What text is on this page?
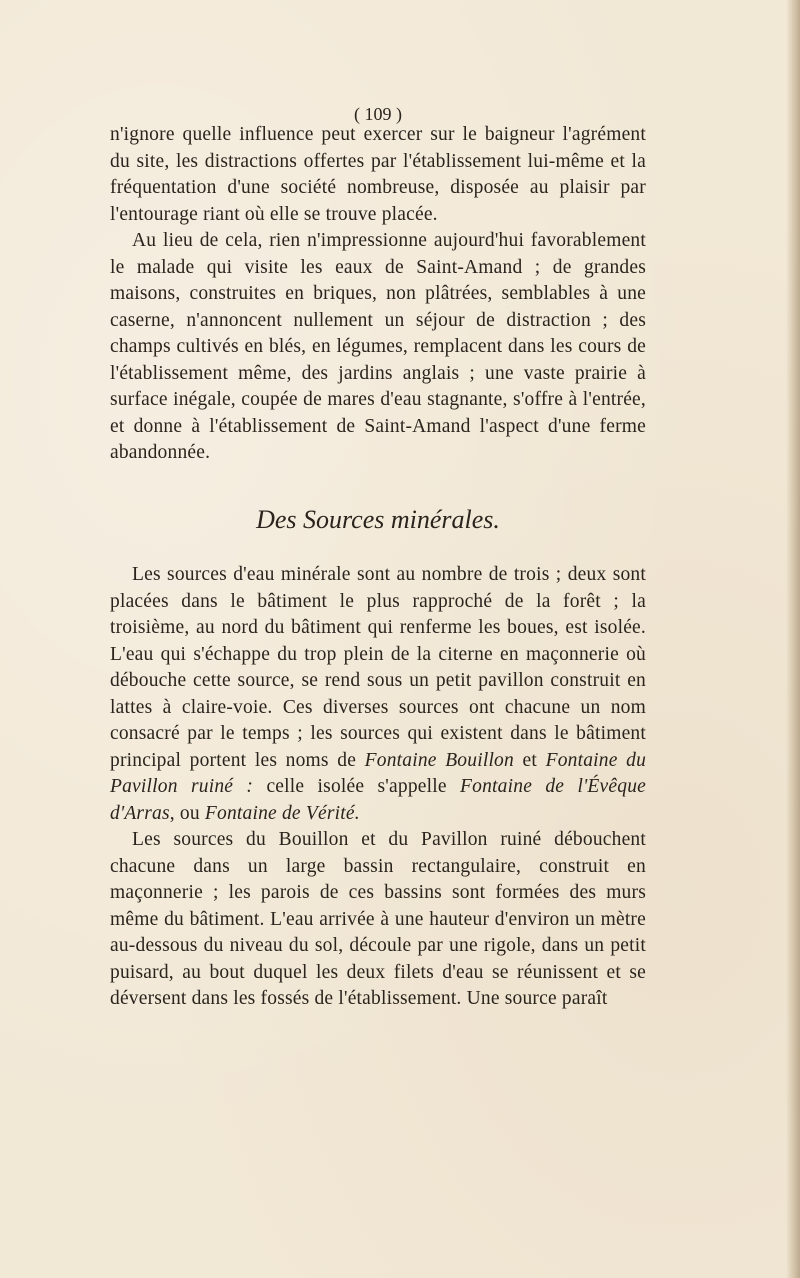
( 109 )

n'ignore quelle influence peut exercer sur le baigneur l'agrément du site, les distractions offertes par l'établissement lui-même et la fréquentation d'une société nombreuse, disposée au plaisir par l'entourage riant où elle se trouve placée.

Au lieu de cela, rien n'impressionne aujourd'hui favorablement le malade qui visite les eaux de Saint-Amand ; de grandes maisons, construites en briques, non plâtrées, semblables à une caserne, n'annoncent nullement un séjour de distraction ; des champs cultivés en blés, en légumes, remplacent dans les cours de l'établissement même, des jardins anglais ; une vaste prairie à surface inégale, coupée de mares d'eau stagnante, s'offre à l'entrée, et donne à l'établissement de Saint-Amand l'aspect d'une ferme abandonnée.

Des Sources minérales.

Les sources d'eau minérale sont au nombre de trois ; deux sont placées dans le bâtiment le plus rapproché de la forêt ; la troisième, au nord du bâtiment qui renferme les boues, est isolée. L'eau qui s'échappe du trop plein de la citerne en maçonnerie où débouche cette source, se rend sous un petit pavillon construit en lattes à claire-voie. Ces diverses sources ont chacune un nom consacré par le temps ; les sources qui existent dans le bâtiment principal portent les noms de Fontaine Bouillon et Fontaine du Pavillon ruiné : celle isolée s'appelle Fontaine de l'Évêque d'Arras, ou Fontaine de Vérité.

Les sources du Bouillon et du Pavillon ruiné débouchent chacune dans un large bassin rectangulaire, construit en maçonnerie ; les parois de ces bassins sont formées des murs même du bâtiment. L'eau arrivée à une hauteur d'environ un mètre au-dessous du niveau du sol, découle par une rigole, dans un petit puisard, au bout duquel les deux filets d'eau se réunissent et se déversent dans les fossés de l'établissement. Une source paraît
